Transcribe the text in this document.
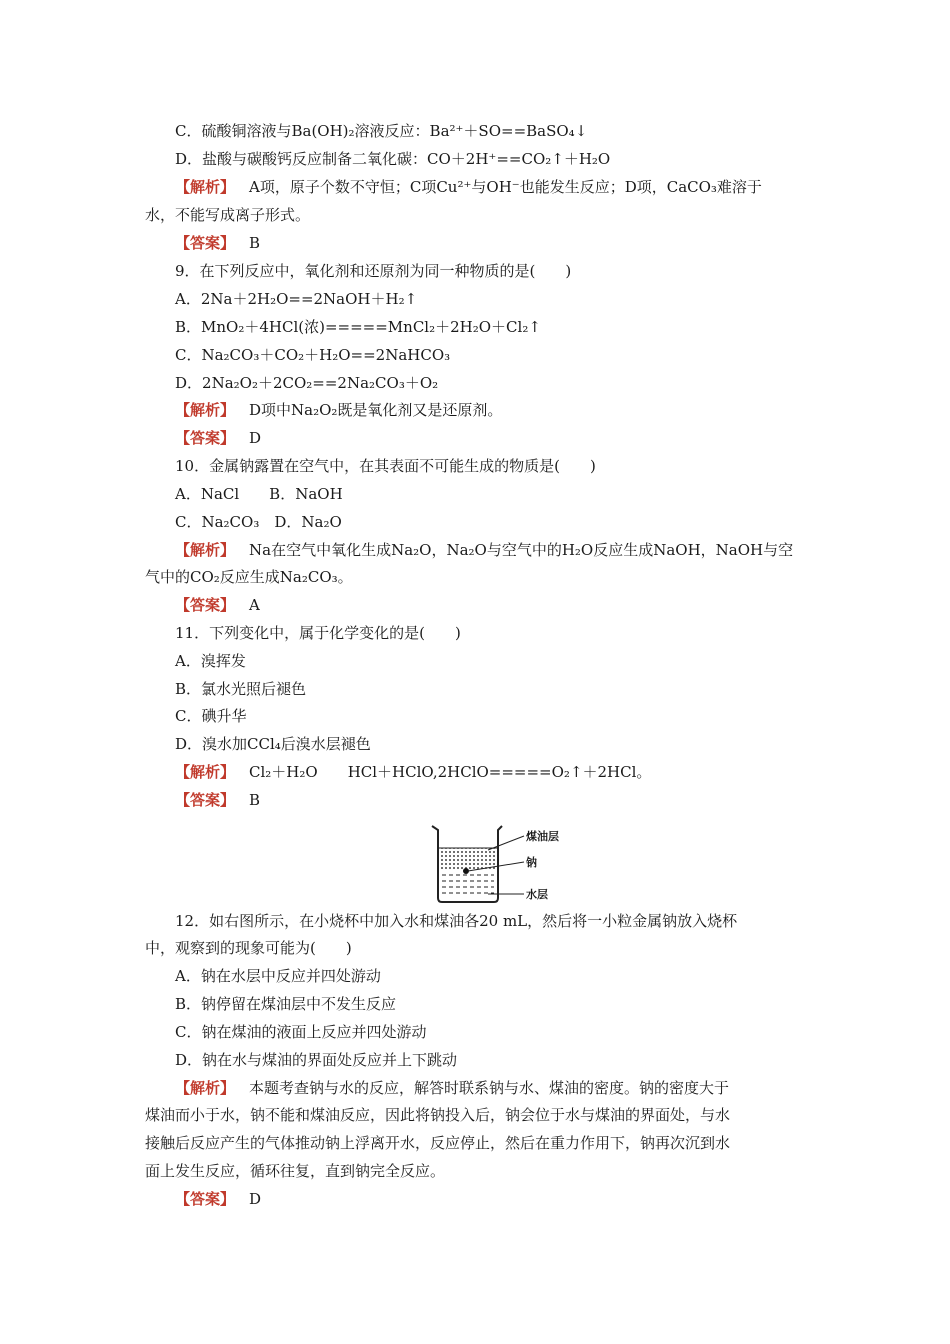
C．硫酸铜溶液与Ba(OH)₂溶液反应：Ba²⁺＋SO==BaSO₄↓
D．盐酸与碳酸钙反应制备二氧化碳：CO＋2H⁺==CO₂↑＋H₂O
【解析】 A项，原子个数不守恒；C项Cu²⁺与OH⁻也能发生反应；D项，CaCO₃难溶于
水，不能写成离子形式。
【答案】 B
9．在下列反应中，氧化剂和还原剂为同一种物质的是(　　)
A．2Na＋2H₂O==2NaOH＋H₂↑
B．MnO₂＋4HCl(浓)=====MnCl₂＋2H₂O＋Cl₂↑
C．Na₂CO₃＋CO₂＋H₂O==2NaHCO₃
D．2Na₂O₂＋2CO₂==2Na₂CO₃＋O₂
【解析】 D项中Na₂O₂既是氧化剂又是还原剂。
【答案】 D
10．金属钠露置在空气中，在其表面不可能生成的物质是(　　)
A．NaCl　　B．NaOH
C．Na₂CO₃　D．Na₂O
【解析】 Na在空气中氧化生成Na₂O，Na₂O与空气中的H₂O反应生成NaOH，NaOH与空
气中的CO₂反应生成Na₂CO₃。
【答案】 A
11．下列变化中，属于化学变化的是(　　)
A．溴挥发
B．氯水光照后褪色
C．碘升华
D．溴水加CCl₄后溴水层褪色
【解析】 Cl₂＋H₂O　　HCl＋HClO,2HClO=====O₂↑＋2HCl。
【答案】 B
煤油层
钠
水层
12．如右图所示，在小烧杯中加入水和煤油各20 mL，然后将一小粒金属钠放入烧杯
中，观察到的现象可能为(　　)
A．钠在水层中反应并四处游动
B．钠停留在煤油层中不发生反应
C．钠在煤油的液面上反应并四处游动
D．钠在水与煤油的界面处反应并上下跳动
【解析】 本题考查钠与水的反应，解答时联系钠与水、煤油的密度。钠的密度大于
煤油而小于水，钠不能和煤油反应，因此将钠投入后，钠会位于水与煤油的界面处，与水
接触后反应产生的气体推动钠上浮离开水，反应停止，然后在重力作用下，钠再次沉到水
面上发生反应，循环往复，直到钠完全反应。
【答案】 D
